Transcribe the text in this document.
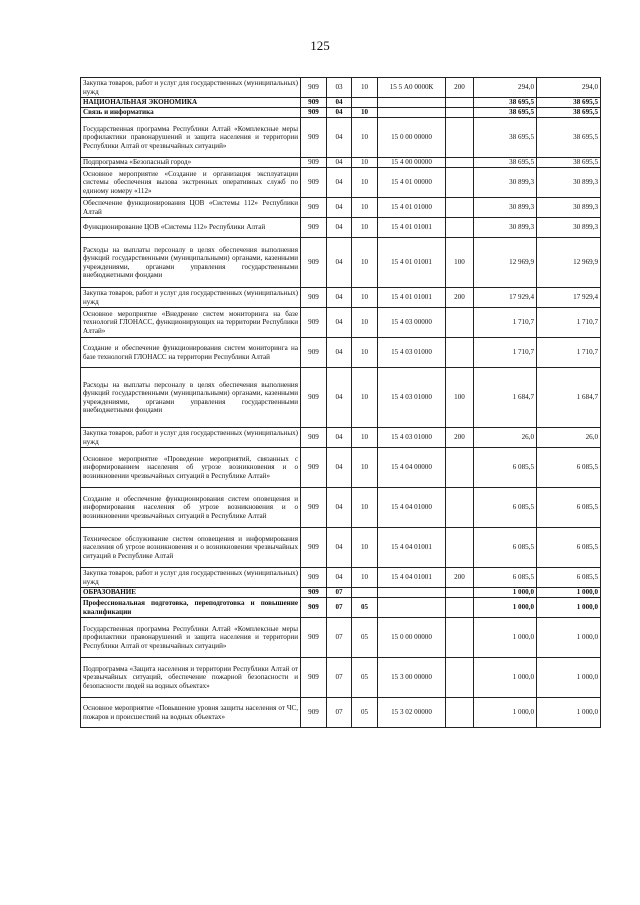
125
Закупка товаров, работ и услуг для государственных (муниципальных) нужд	909	03	10	15 5 А0 0000К	200	294,0	294,0
НАЦИОНАЛЬНАЯ ЭКОНОМИКА	909	04				38 695,5	38 695,5
Связь и информатика	909	04	10			38 695,5	38 695,5
Государственная программа Республики Алтай «Комплексные меры профилактики правонарушений и защита населения и территории Республики Алтай от чрезвычайных ситуаций»	909	04	10	15 0 00 00000		38 695,5	38 695,5
Подпрограмма «Безопасный город»	909	04	10	15 4 00 00000		38 695,5	38 695,5
Основное мероприятие «Создание и организация эксплуатации системы обеспечения вызова экстренных оперативных служб по единому номеру «112»	909	04	10	15 4 01 00000		30 899,3	30 899,3
Обеспечение функционирования ЦОВ «Системы 112» Республики Алтай	909	04	10	15 4 01 01000		30 899,3	30 899,3
Функционирование ЦОВ «Системы 112» Республики Алтай	909	04	10	15 4 01 01001		30 899,3	30 899,3
Расходы на выплаты персоналу в целях обеспечения выполнения функций государственными (муниципальными) органами, казенными учреждениями, органами управления государственными внебюджетными фондами	909	04	10	15 4 01 01001	100	12 969,9	12 969,9
Закупка товаров, работ и услуг для государственных (муниципальных) нужд	909	04	10	15 4 01 01001	200	17 929,4	17 929,4
Основное мероприятие «Внедрение систем мониторинга на базе технологий ГЛОНАСС, функционирующих на территории Республики Алтай»	909	04	10	15 4 03 00000		1 710,7	1 710,7
Создание и обеспечение функционирования систем мониторинга на базе технологий ГЛОНАСС на территории Республики Алтай	909	04	10	15 4 03 01000		1 710,7	1 710,7
Расходы на выплаты персоналу в целях обеспечения выполнения функций государственными (муниципальными) органами, казенными учреждениями, органами управления государственными внебюджетными фондами	909	04	10	15 4 03 01000	100	1 684,7	1 684,7
Закупка товаров, работ и услуг для государственных (муниципальных) нужд	909	04	10	15 4 03 01000	200	26,0	26,0
Основное мероприятие «Проведение мероприятий, связанных с информированием населения об угрозе возникновения и о возникновении чрезвычайных ситуаций в Республике Алтай»	909	04	10	15 4 04 00000		6 085,5	6 085,5
Создание и обеспечение функционирования систем оповещения и информирования населения об угрозе возникновения и о возникновении чрезвычайных ситуаций в Республике Алтай	909	04	10	15 4 04 01000		6 085,5	6 085,5
Техническое обслуживание систем оповещения и информирования населения об угрозе возникновения и о возникновении чрезвычайных ситуаций в Республике Алтай	909	04	10	15 4 04 01001		6 085,5	6 085,5
Закупка товаров, работ и услуг для государственных (муниципальных) нужд	909	04	10	15 4 04 01001	200	6 085,5	6 085,5
ОБРАЗОВАНИЕ	909	07				1 000,0	1 000,0
Профессиональная подготовка, переподготовка и повышение квалификации	909	07	05			1 000,0	1 000,0
Государственная программа Республики Алтай «Комплексные меры профилактики правонарушений и защита населения и территории Республики Алтай от чрезвычайных ситуаций»	909	07	05	15 0 00 00000		1 000,0	1 000,0
Подпрограмма «Защита населения и территории Республики Алтай от чрезвычайных ситуаций, обеспечение пожарной безопасности и безопасности людей на водных объектах»	909	07	05	15 3 00 00000		1 000,0	1 000,0
Основное мероприятие «Повышение уровня защиты населения от ЧС, пожаров и происшествий на водных объектах»	909	07	05	15 3 02 00000		1 000,0	1 000,0
